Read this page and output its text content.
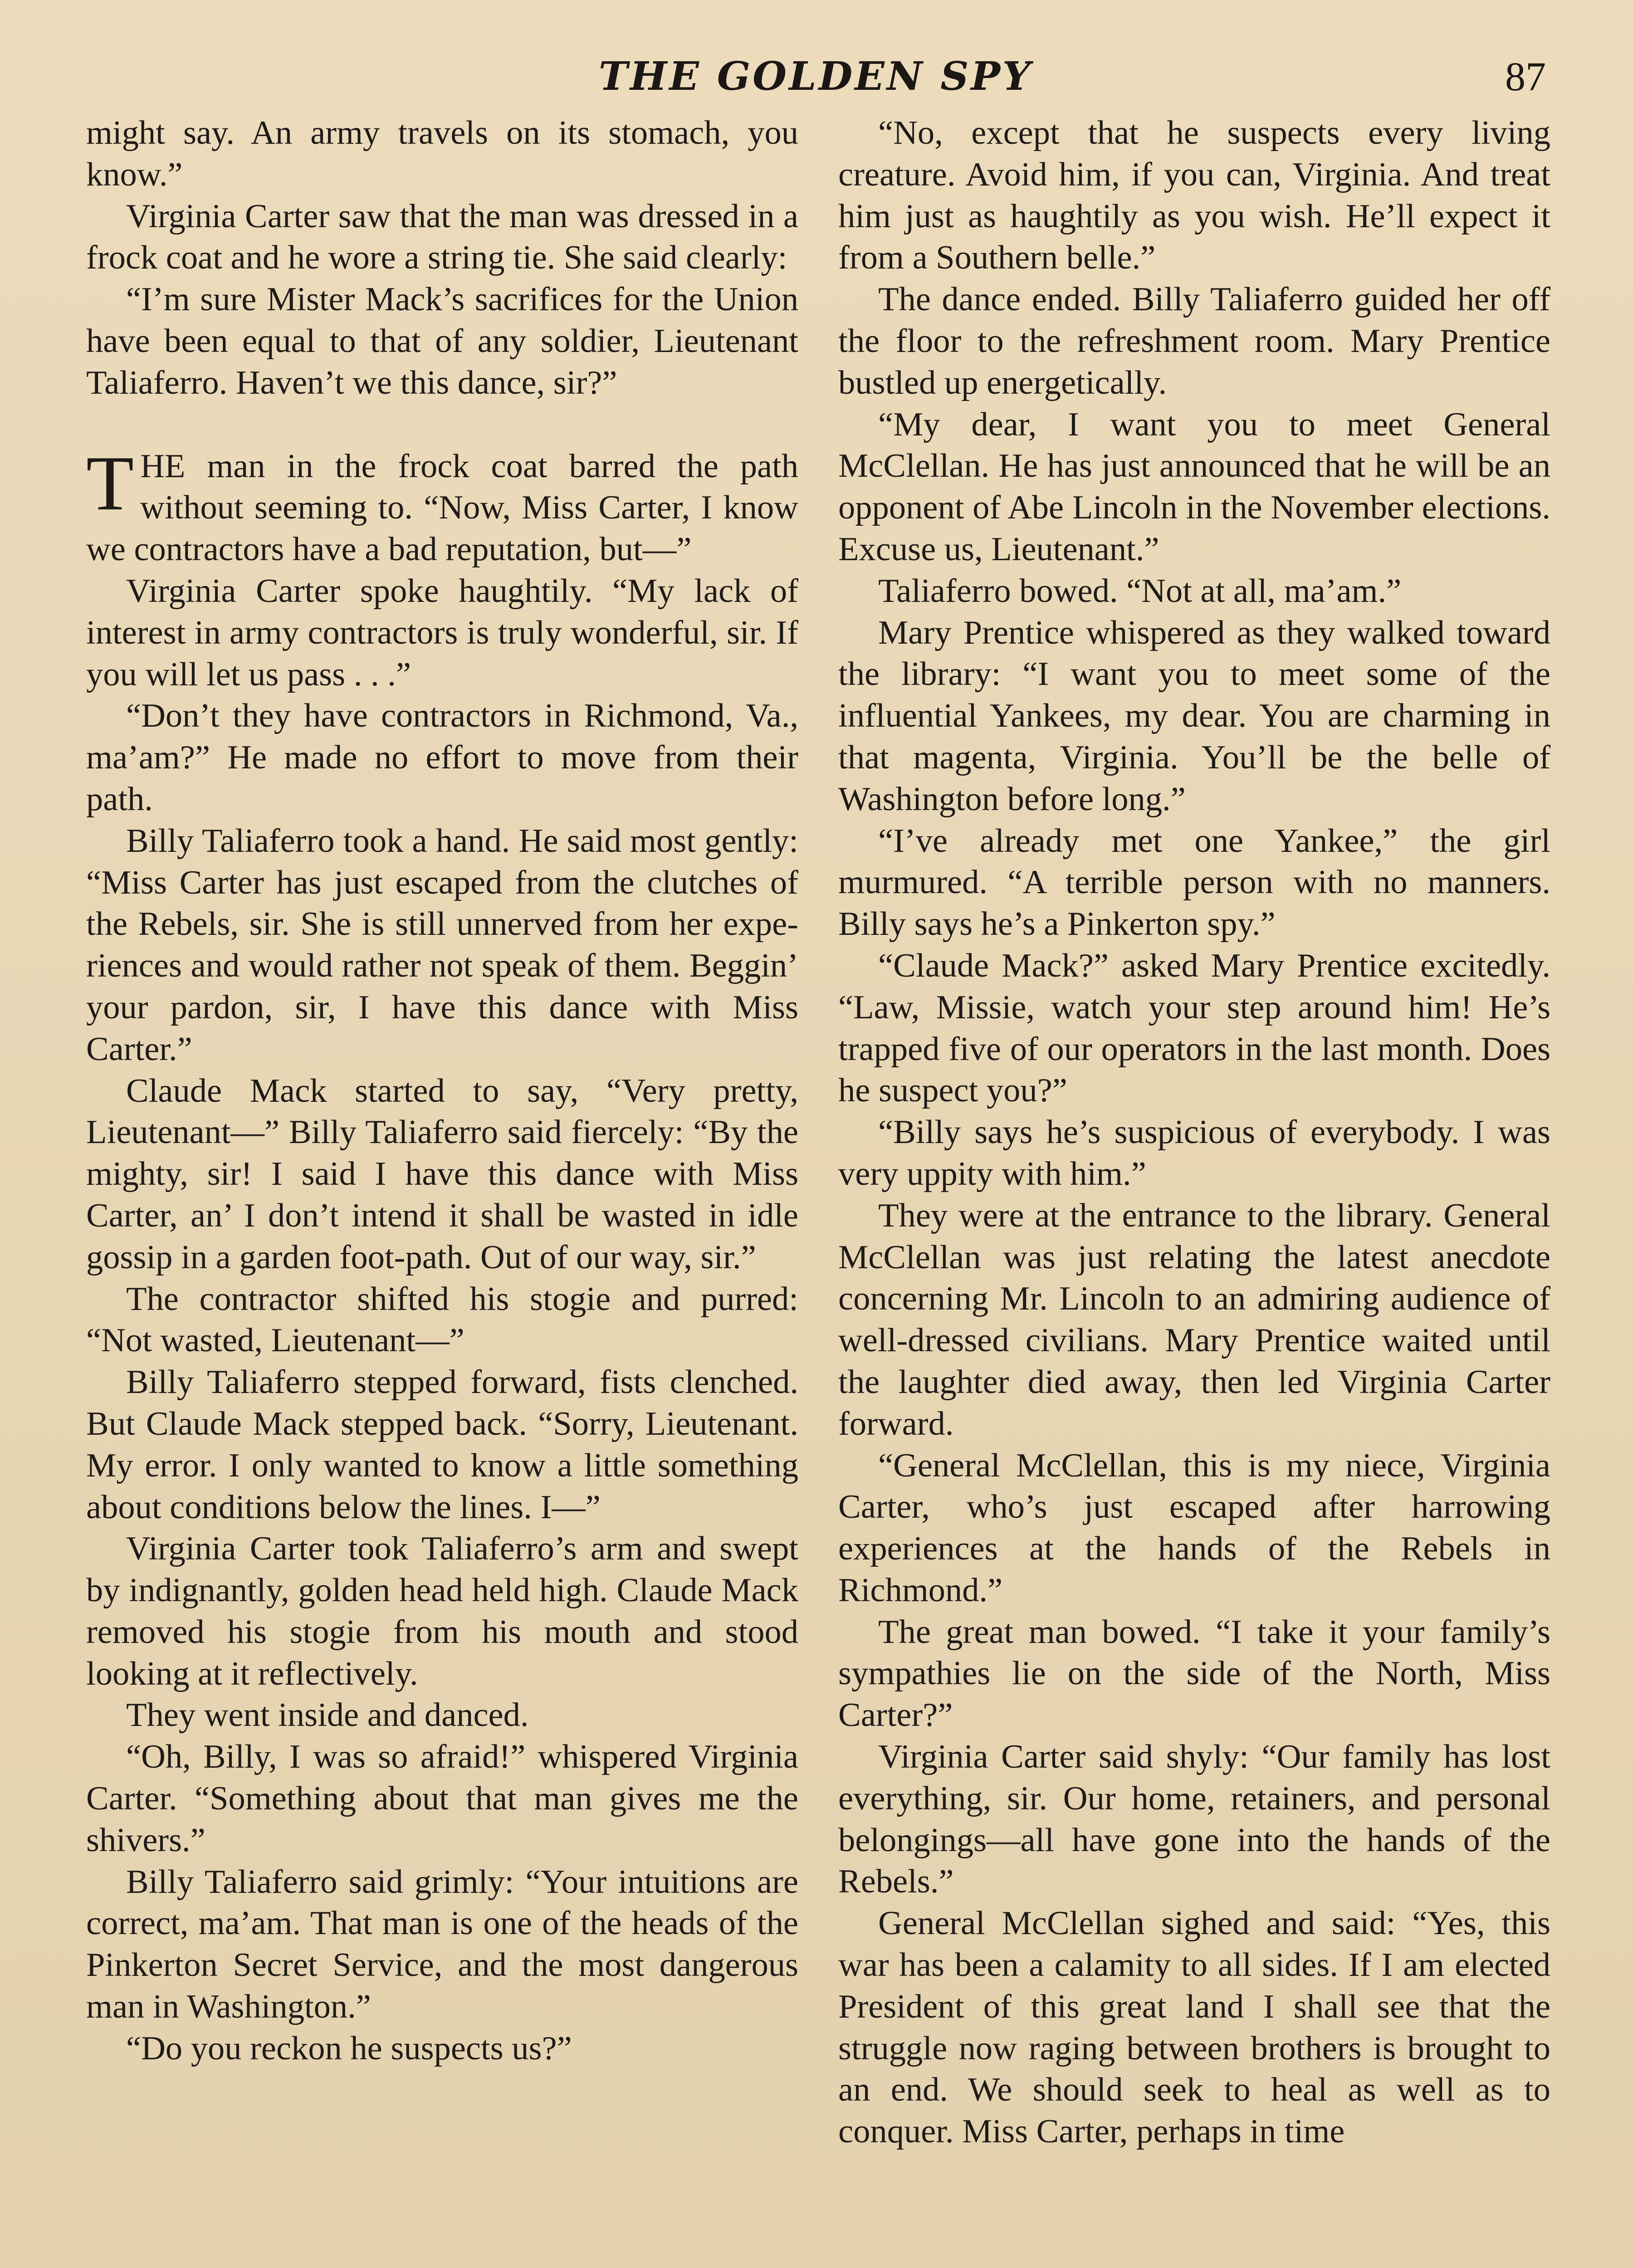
THE GOLDEN SPY	87

might say. An army travels on its stomach, you know.”

Virginia Carter saw that the man was dressed in a frock coat and he wore a string tie. She said clearly:

“I’m sure Mister Mack’s sacrifices for the Union have been equal to that of any soldier, Lieutenant Taliaferro. Haven’t we this dance, sir?”

THE man in the frock coat barred the path without seeming to. “Now, Miss Carter, I know we contractors have a bad reputation, but—”

Virginia Carter spoke haughtily. “My lack of interest in army contractors is truly wonderful, sir. If you will let us pass . . .”

“Don’t they have contractors in Richmond, Va., ma’am?” He made no effort to move from their path.

Billy Taliaferro took a hand. He said most gently: “Miss Carter has just escaped from the clutches of the Rebels, sir. She is still unnerved from her experiences and would rather not speak of them. Beggin’ your pardon, sir, I have this dance with Miss Carter.”

Claude Mack started to say, “Very pretty, Lieutenant—” Billy Taliaferro said fiercely: “By the mighty, sir! I said I have this dance with Miss Carter, an’ I don’t intend it shall be wasted in idle gossip in a garden foot-path. Out of our way, sir.”

The contractor shifted his stogie and purred: “Not wasted, Lieutenant—”

Billy Taliaferro stepped forward, fists clenched. But Claude Mack stepped back. “Sorry, Lieutenant. My error. I only wanted to know a little something about conditions below the lines. I—”

Virginia Carter took Taliaferro’s arm and swept by indignantly, golden head held high. Claude Mack removed his stogie from his mouth and stood looking at it reflectively.

They went inside and danced.

“Oh, Billy, I was so afraid!” whispered Virginia Carter. “Something about that man gives me the shivers.”

Billy Taliaferro said grimly: “Your intuitions are correct, ma’am. That man is one of the heads of the Pinkerton Secret Service, and the most dangerous man in Washington.”

“Do you reckon he suspects us?”

“No, except that he suspects every living creature. Avoid him, if you can, Virginia. And treat him just as haughtily as you wish. He’ll expect it from a Southern belle.”

The dance ended. Billy Taliaferro guided her off the floor to the refreshment room. Mary Prentice bustled up energetically.

“My dear, I want you to meet General McClellan. He has just announced that he will be an opponent of Abe Lincoln in the November elections. Excuse us, Lieutenant.”

Taliaferro bowed. “Not at all, ma’am.”

Mary Prentice whispered as they walked toward the library: “I want you to meet some of the influential Yankees, my dear. You are charming in that magenta, Virginia. You’ll be the belle of Washington before long.”

“I’ve already met one Yankee,” the girl murmured. “A terrible person with no manners. Billy says he’s a Pinkerton spy.”

“Claude Mack?” asked Mary Prentice excitedly. “Law, Missie, watch your step around him! He’s trapped five of our operators in the last month. Does he suspect you?”

“Billy says he’s suspicious of everybody. I was very uppity with him.”

They were at the entrance to the library. General McClellan was just relating the latest anecdote concerning Mr. Lincoln to an admiring audience of well-dressed civilians. Mary Prentice waited until the laughter died away, then led Virginia Carter forward.

“General McClellan, this is my niece, Virginia Carter, who’s just escaped after harrowing experiences at the hands of the Rebels in Richmond.”

The great man bowed. “I take it your family’s sympathies lie on the side of the North, Miss Carter?”

Virginia Carter said shyly: “Our family has lost everything, sir. Our home, retainers, and personal belongings—all have gone into the hands of the Rebels.”

General McClellan sighed and said: “Yes, this war has been a calamity to all sides. If I am elected President of this great land I shall see that the struggle now raging between brothers is brought to an end. We should seek to heal as well as to conquer. Miss Carter, perhaps in time
